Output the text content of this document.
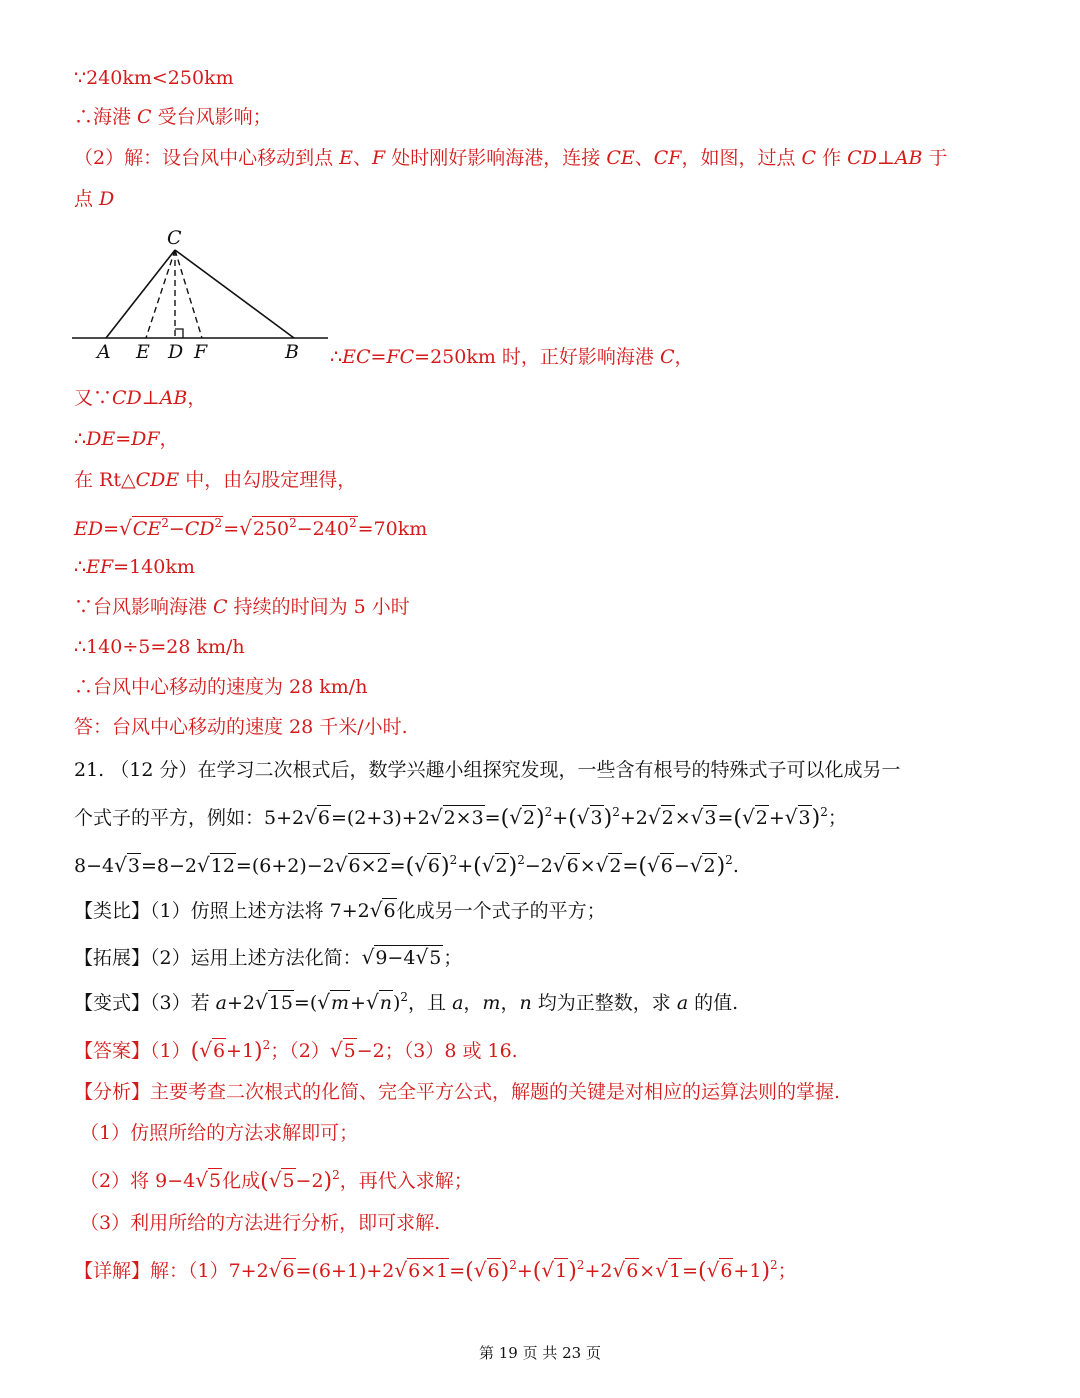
∵240km<250km
∴海港 C 受台风影响；
（2）解：设台风中心移动到点 E、F 处时刚好影响海港，连接 CE、CF，如图，过点 C 作 CD⊥AB 于
点 D
C
A E D F	B ∴EC=FC=250km 时，正好影响海港 C，
又∵CD⊥AB，
∴DE=DF，
在 Rt△CDE 中，由勾股定理得，
$ED=√CE^2-CD^2=√250^2-240^2=70km$
∴EF=140km
∵台风影响海港 C 持续的时间为 5 小时
∴140÷5=28 km/h
∴台风中心移动的速度为 28 km/h
答：台风中心移动的速度 28 千米/小时.
21. （12 分）在学习二次根式后，数学兴趣小组探究发现，一些含有根号的特殊式子可以化成另一
个式子的平方，例如：$5+2√6=(2+3)+2√2\times 3=(√2)^2+(√3)^2+2√2\times√3=(√2+√3)^2$；
$8-4√3=8-2√12=(6+2)-2√6\times 2=(√6)^2+(√2)^2-2√6\times√2=(√6-√2)^2$.
【类比】（1）仿照上述方法将 7+2√6化成另一个式子的平方；
【拓展】（2）运用上述方法化简：√9−4√5 ；
【变式】（3）若 $a+2√15=(√m+√n)^2$，且 a，m，n 均为正整数，求 a 的值.
【答案】$(1)(√6+1)^2$；（2）√5−2；（3）8 或 16.
【分析】主要考查二次根式的化简、完全平方公式，解题的关键是对相应的运算法则的掌握.
（1）仿照所给的方法求解即可；
（2）将 9−4√5化成$(√5-2)^2$，再代入求解；
（3）利用所给的方法进行分析，即可求解.
【详解】解：$(1)7+2√6=(6+1)+2√6\times 1=(√6)^2+(√1)^2+2√6\times√1=(√6+1)^2$；
第 19 页 共 23 页
